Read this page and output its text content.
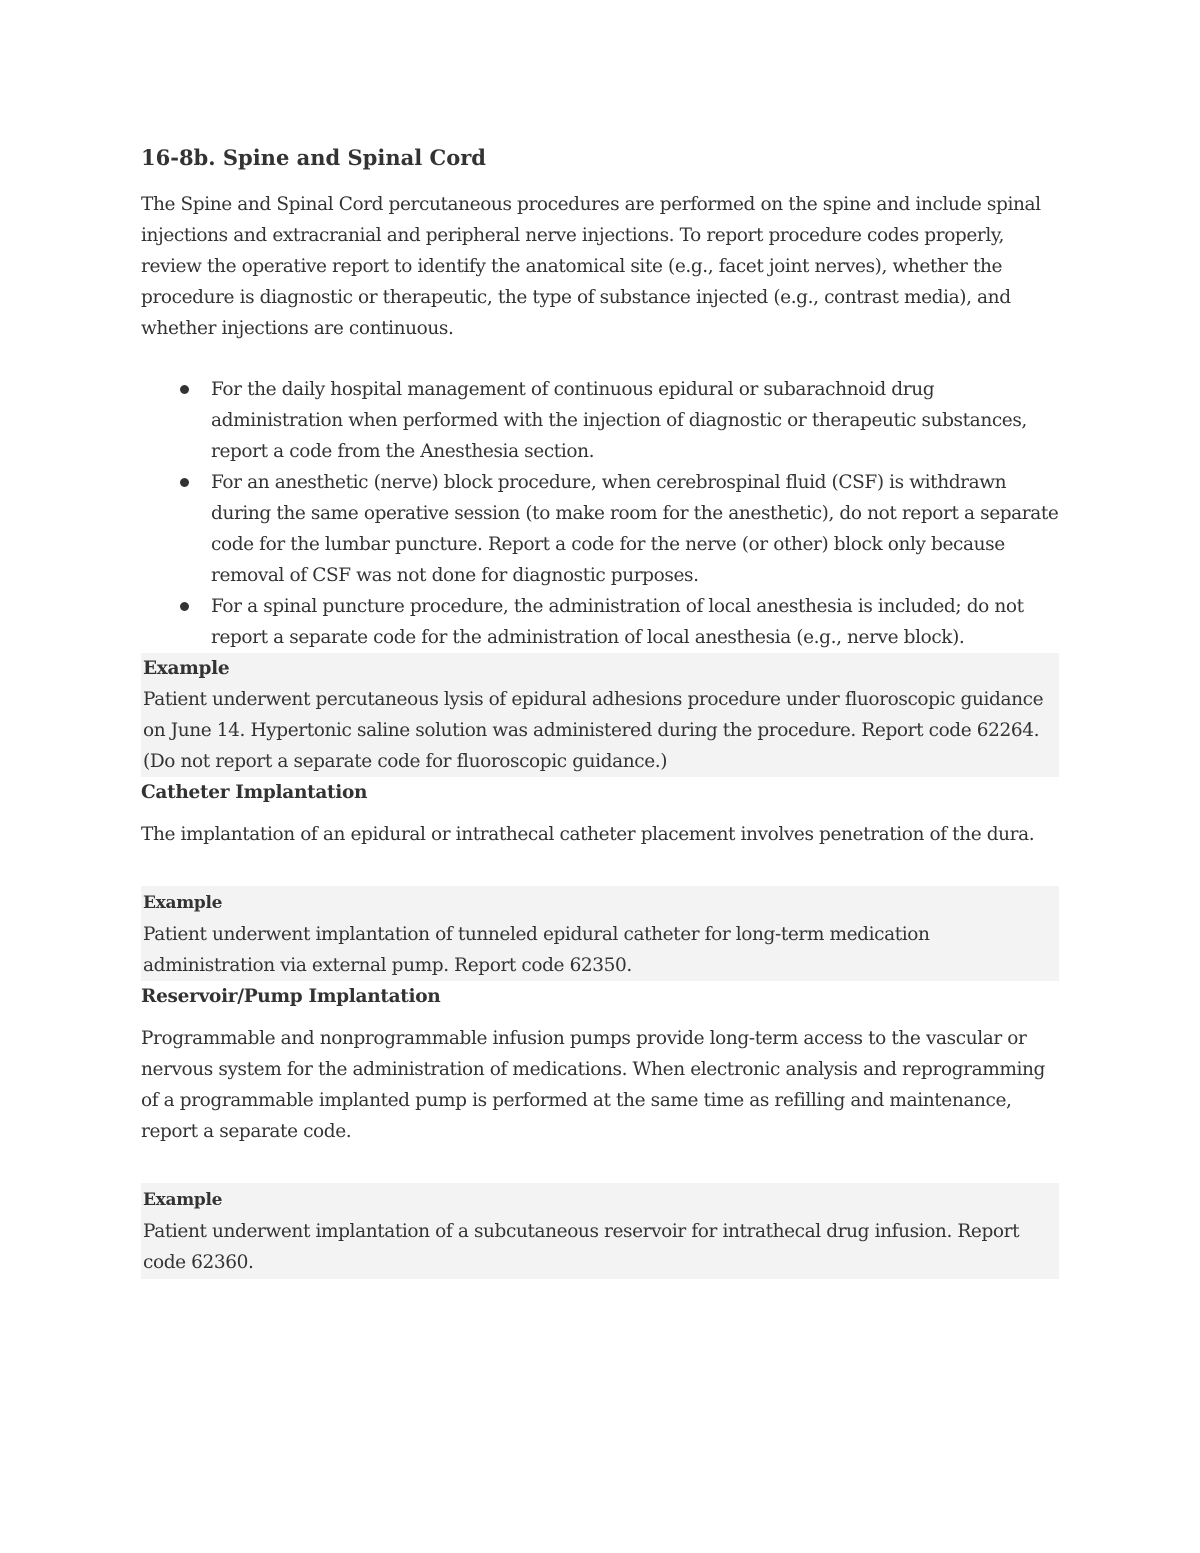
16-8b. Spine and Spinal Cord

The Spine and Spinal Cord percutaneous procedures are performed on the spine and include spinal injections and extracranial and peripheral nerve injections. To report procedure codes properly, review the operative report to identify the anatomical site (e.g., facet joint nerves), whether the procedure is diagnostic or therapeutic, the type of substance injected (e.g., contrast media), and whether injections are continuous.

For the daily hospital management of continuous epidural or subarachnoid drug administration when performed with the injection of diagnostic or therapeutic substances, report a code from the Anesthesia section.
For an anesthetic (nerve) block procedure, when cerebrospinal fluid (CSF) is withdrawn during the same operative session (to make room for the anesthetic), do not report a separate code for the lumbar puncture. Report a code for the nerve (or other) block only because removal of CSF was not done for diagnostic purposes.
For a spinal puncture procedure, the administration of local anesthesia is included; do not report a separate code for the administration of local anesthesia (e.g., nerve block).
Example
Patient underwent percutaneous lysis of epidural adhesions procedure under fluoroscopic guidance on June 14. Hypertonic saline solution was administered during the procedure. Report code 62264. (Do not report a separate code for fluoroscopic guidance.)
Catheter Implantation

The implantation of an epidural or intrathecal catheter placement involves penetration of the dura.

Example
Patient underwent implantation of tunneled epidural catheter for long-term medication administration via external pump. Report code 62350.
Reservoir/Pump Implantation

Programmable and nonprogrammable infusion pumps provide long-term access to the vascular or nervous system for the administration of medications. When electronic analysis and reprogramming of a programmable implanted pump is performed at the same time as refilling and maintenance, report a separate code.

Example
Patient underwent implantation of a subcutaneous reservoir for intrathecal drug infusion. Report code 62360.
